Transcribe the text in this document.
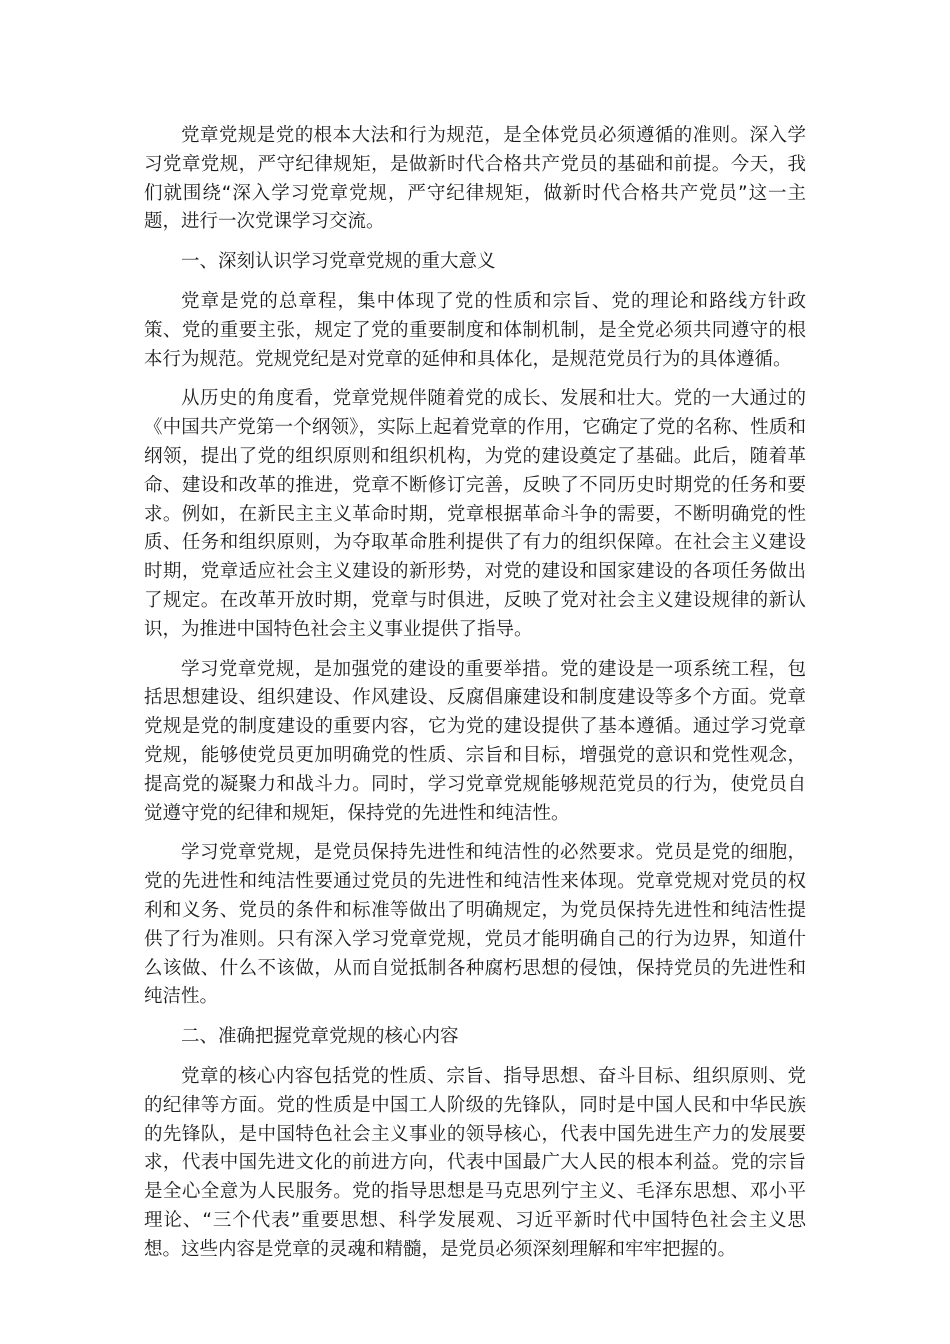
党章党规是党的根本大法和行为规范，是全体党员必须遵循的准则。深入学习党章党规，严守纪律规矩，是做新时代合格共产党员的基础和前提。今天，我们就围绕“深入学习党章党规，严守纪律规矩，做新时代合格共产党员”这一主题，进行一次党课学习交流。

一、深刻认识学习党章党规的重大意义

党章是党的总章程，集中体现了党的性质和宗旨、党的理论和路线方针政策、党的重要主张，规定了党的重要制度和体制机制，是全党必须共同遵守的根本行为规范。党规党纪是对党章的延伸和具体化，是规范党员行为的具体遵循。

从历史的角度看，党章党规伴随着党的成长、发展和壮大。党的一大通过的《中国共产党第一个纲领》，实际上起着党章的作用，它确定了党的名称、性质和纲领，提出了党的组织原则和组织机构，为党的建设奠定了基础。此后，随着革命、建设和改革的推进，党章不断修订完善，反映了不同历史时期党的任务和要求。例如，在新民主主义革命时期，党章根据革命斗争的需要，不断明确党的性质、任务和组织原则，为夺取革命胜利提供了有力的组织保障。在社会主义建设时期，党章适应社会主义建设的新形势，对党的建设和国家建设的各项任务做出了规定。在改革开放时期，党章与时俱进，反映了党对社会主义建设规律的新认识，为推进中国特色社会主义事业提供了指导。

学习党章党规，是加强党的建设的重要举措。党的建设是一项系统工程，包括思想建设、组织建设、作风建设、反腐倡廉建设和制度建设等多个方面。党章党规是党的制度建设的重要内容，它为党的建设提供了基本遵循。通过学习党章党规，能够使党员更加明确党的性质、宗旨和目标，增强党的意识和党性观念，提高党的凝聚力和战斗力。同时，学习党章党规能够规范党员的行为，使党员自觉遵守党的纪律和规矩，保持党的先进性和纯洁性。

学习党章党规，是党员保持先进性和纯洁性的必然要求。党员是党的细胞，党的先进性和纯洁性要通过党员的先进性和纯洁性来体现。党章党规对党员的权利和义务、党员的条件和标准等做出了明确规定，为党员保持先进性和纯洁性提供了行为准则。只有深入学习党章党规，党员才能明确自己的行为边界，知道什么该做、什么不该做，从而自觉抵制各种腐朽思想的侵蚀，保持党员的先进性和纯洁性。

二、准确把握党章党规的核心内容

党章的核心内容包括党的性质、宗旨、指导思想、奋斗目标、组织原则、党的纪律等方面。党的性质是中国工人阶级的先锋队，同时是中国人民和中华民族的先锋队，是中国特色社会主义事业的领导核心，代表中国先进生产力的发展要求，代表中国先进文化的前进方向，代表中国最广大人民的根本利益。党的宗旨是全心全意为人民服务。党的指导思想是马克思列宁主义、毛泽东思想、邓小平理论、“三个代表”重要思想、科学发展观、习近平新时代中国特色社会主义思想。这些内容是党章的灵魂和精髓，是党员必须深刻理解和牢牢把握的。
